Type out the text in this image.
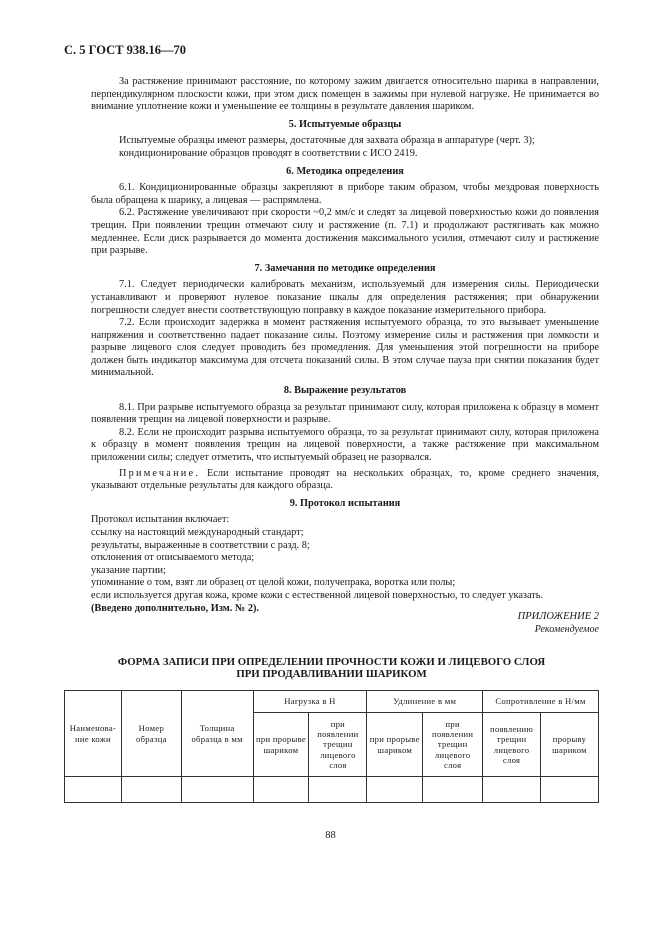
С. 5 ГОСТ 938.16—70

За растяжение принимают расстояние, по которому зажим двигается относительно шарика в направлении, перпендикулярном плоскости кожи, при этом диск помещен в зажимы при нулевой нагрузке. Не принимается во внимание уплотнение кожи и уменьшение ее толщины в результате давления шариком.

5. Испытуемые образцы

Испытуемые образцы имеют размеры, достаточные для захвата образца в аппаратуре (черт. 3);

кондиционирование образцов проводят в соответствии с ИСО 2419.

6. Методика определения

6.1. Кондиционированные образцы закрепляют в приборе таким образом, чтобы мездровая поверхность была обращена к шарику, а лицевая — распрямлена.

6.2. Растяжение увеличивают при скорости ~0,2 мм/с и следят за лицевой поверхностью кожи до появления трещин. При появлении трещин отмечают силу и растяжение (п. 7.1) и продолжают растягивать как можно медленнее. Если диск разрывается до момента достижения максимального усилия, отмечают силу и растяжение при разрыве.

7. Замечания по методике определения

7.1. Следует периодически калибровать механизм, используемый для измерения силы. Периодически устанавливают и проверяют нулевое показание шкалы для определения растяжения; при обнаружении погрешности следует внести соответствующую поправку в каждое показание измерительного прибора.

7.2. Если происходит задержка в момент растяжения испытуемого образца, то это вызывает уменьшение напряжения и соответственно падает показание силы. Поэтому измерение силы и растяжения при ломкости и разрыве лицевого слоя следует проводить без промедления. Для уменьшения этой погрешности на приборе должен быть индикатор максимума для отсчета показаний силы. В этом случае пауза при снятии показания будет минимальной.

8. Выражение результатов

8.1. При разрыве испытуемого образца за результат принимают силу, которая приложена к образцу в момент появления трещин на лицевой поверхности и разрыве.

8.2. Если не происходит разрыва испытуемого образца, то за результат принимают силу, которая приложена к образцу в момент появления трещин на лицевой поверхности, а также растяжение при максимальном приложении силы; следует отметить, что испытуемый образец не разорвался.

Примечание. Если испытание проводят на нескольких образцах, то, кроме среднего значения, указывают отдельные результаты для каждого образца.

9. Протокол испытания

Протокол испытания включает:

ссылку на настоящий международный стандарт;

результаты, выраженные в соответствии с разд. 8;

отклонения от описываемого метода;

указание партии;

упоминание о том, взят ли образец от целой кожи, получепрака, воротка или полы;

если используется другая кожа, кроме кожи с естественной лицевой поверхностью, то следует указать.

(Введено дополнительно, Изм. № 2).

ПРИЛОЖЕНИЕ 2
Рекомендуемое
ФОРМА ЗАПИСИ ПРИ ОПРЕДЕЛЕНИИ ПРОЧНОСТИ КОЖИ И ЛИЦЕВОГО СЛОЯ
ПРИ ПРОДАВЛИВАНИИ ШАРИКОМ
Наименова-ние кожи	Номер образца	Толщина образца в мм	Нагрузка в Н		Удлинение в мм		Сопротивление в Н/мм	
			при прорыве шариком	при появлении трещин лицевого слоя	при прорыве шариком	при появлении трещин лицевого слоя	появлению трещин лицевого слоя	прорыву шариком

88
